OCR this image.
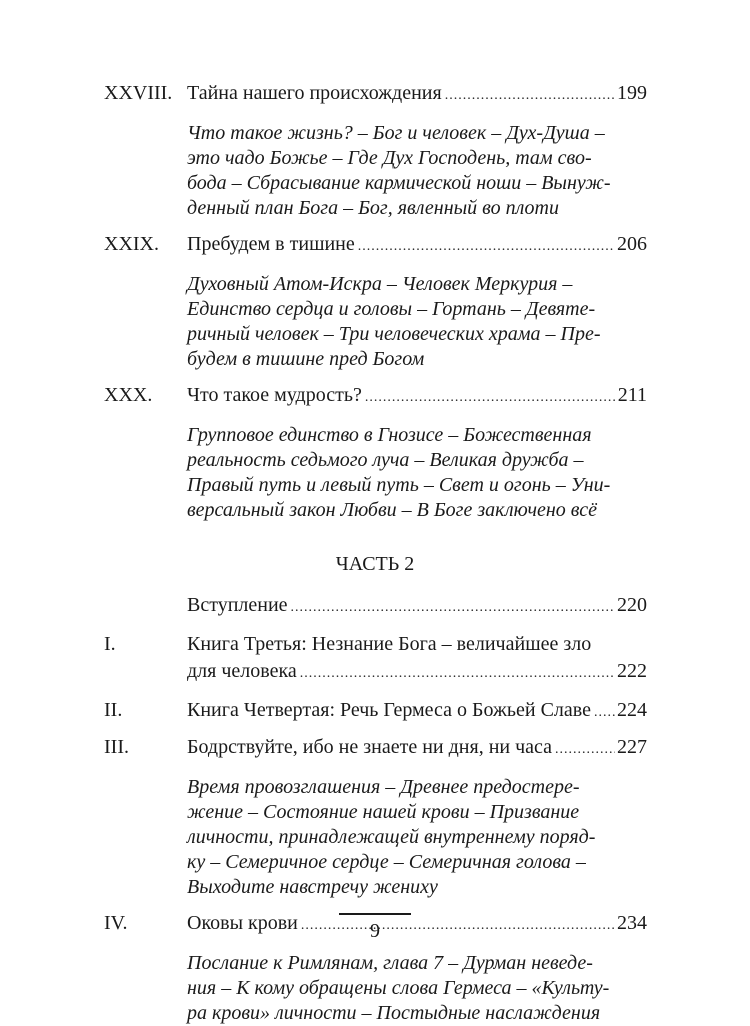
XXVIII. Тайна нашего происхождения .....	199
Что такое жизнь? – Бог и человек – Дух-Душа –
это чадо Божье – Где Дух Господень, там сво-
бода – Сбрасывание кармической ноши – Вынуж-
денный план Бога – Бог, явленный во плоти
XXIX.	Пребудем в тишине .....	206
Духовный Атом-Искра – Человек Меркурия –
Единство сердца и головы – Гортань – Девяте-
ричный человек – Три человеческих храма – Пре-
будем в тишине пред Богом
XXX.	Что такое мудрость? .....	211
Групповое единство в Гнозисе – Божественная
реальность седьмого луча – Великая дружба –
Правый путь и левый путь – Свет и огонь – Уни-
версальный закон Любви – В Боге заключено всё
ЧАСТЬ 2
Вступление .....	220
I.	Книга Третья: Незнание Бога – величайшее зло
для человека .....	222
II.	Книга Четвертая: Речь Гермеса о Божьей Славе ..... 224
III.	Бодрствуйте, ибо не знаете ни дня, ни часа .....	227
Время провозглашения – Древнее предостере-
жение – Состояние нашей крови – Призвание
личности, принадлежащей внутреннему поряд-
ку – Семеричное сердце – Семеричная голова –
Выходите навстречу жениху
IV.	Оковы крови .....	234
Послание к Римлянам, глава 7 – Дурман неведе-
ния – К кому обращены слова Гермеса – «Культу-
ра крови» личности – Постыдные наслаждения
9
